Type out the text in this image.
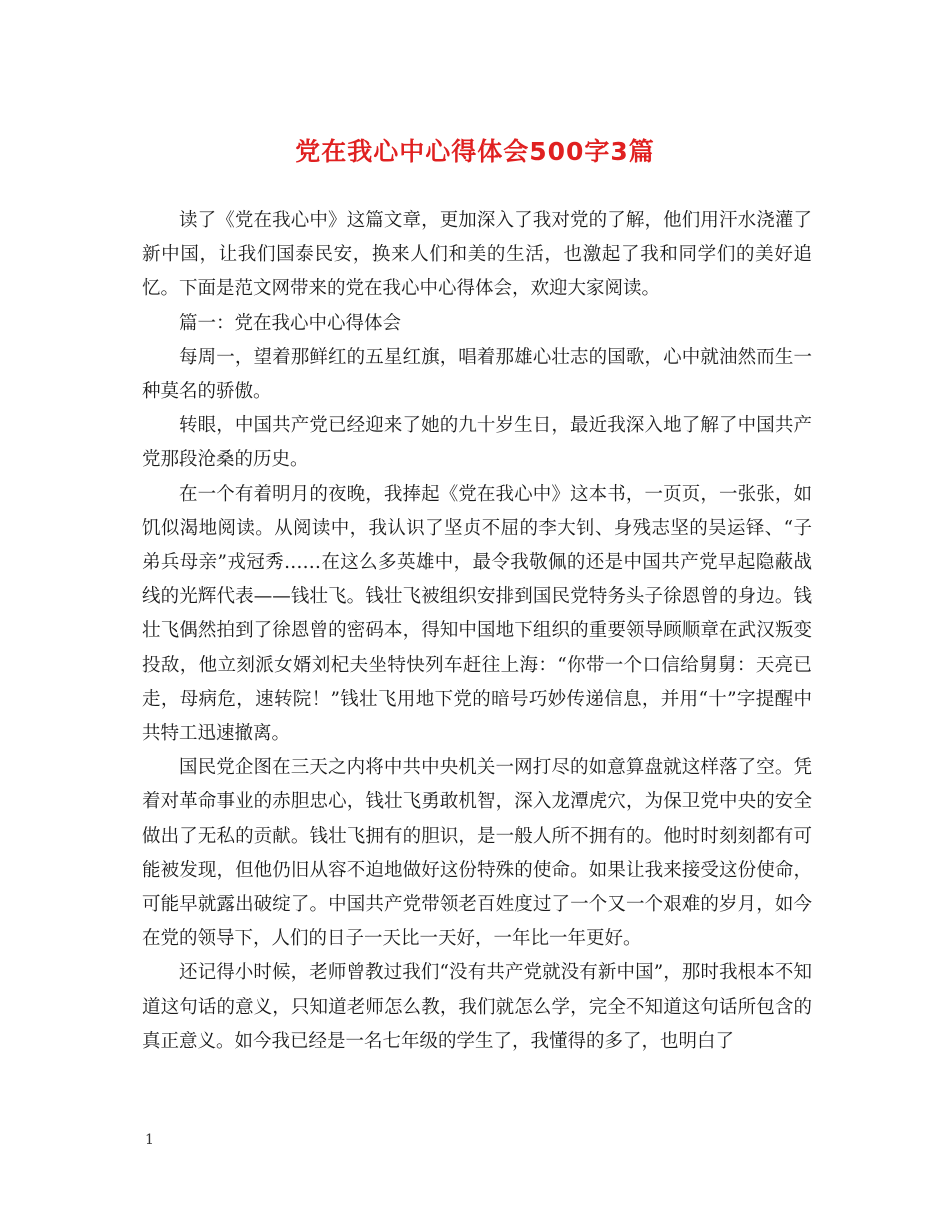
党在我心中心得体会500字3篇

读了《党在我心中》这篇文章，更加深入了我对党的了解，他们用汗水浇灌了新中国，让我们国泰民安，换来人们和美的生活，也激起了我和同学们的美好追忆。下面是范文网带来的党在我心中心得体会，欢迎大家阅读。

篇一：党在我心中心得体会

每周一，望着那鲜红的五星红旗，唱着那雄心壮志的国歌，心中就油然而生一种莫名的骄傲。

转眼，中国共产党已经迎来了她的九十岁生日，最近我深入地了解了中国共产党那段沧桑的历史。

在一个有着明月的夜晚，我捧起《党在我心中》这本书，一页页，一张张，如饥似渴地阅读。从阅读中，我认识了坚贞不屈的李大钊、身残志坚的吴运铎、“子弟兵母亲”戎冠秀……在这么多英雄中，最令我敬佩的还是中国共产党早起隐蔽战线的光辉代表——钱壮飞。钱壮飞被组织安排到国民党特务头子徐恩曾的身边。钱壮飞偶然拍到了徐恩曾的密码本，得知中国地下组织的重要领导顾顺章在武汉叛变投敌，他立刻派女婿刘杞夫坐特快列车赶往上海：“你带一个口信给舅舅：天亮已走，母病危，速转院！”钱壮飞用地下党的暗号巧妙传递信息，并用“十”字提醒中共特工迅速撤离。

国民党企图在三天之内将中共中央机关一网打尽的如意算盘就这样落了空。凭着对革命事业的赤胆忠心，钱壮飞勇敢机智，深入龙潭虎穴，为保卫党中央的安全做出了无私的贡献。钱壮飞拥有的胆识，是一般人所不拥有的。他时时刻刻都有可能被发现，但他仍旧从容不迫地做好这份特殊的使命。如果让我来接受这份使命，可能早就露出破绽了。中国共产党带领老百姓度过了一个又一个艰难的岁月，如今在党的领导下，人们的日子一天比一天好，一年比一年更好。

还记得小时候，老师曾教过我们“没有共产党就没有新中国”，那时我根本不知道这句话的意义，只知道老师怎么教，我们就怎么学，完全不知道这句话所包含的真正意义。如今我已经是一名七年级的学生了，我懂得的多了，也明白了

1
